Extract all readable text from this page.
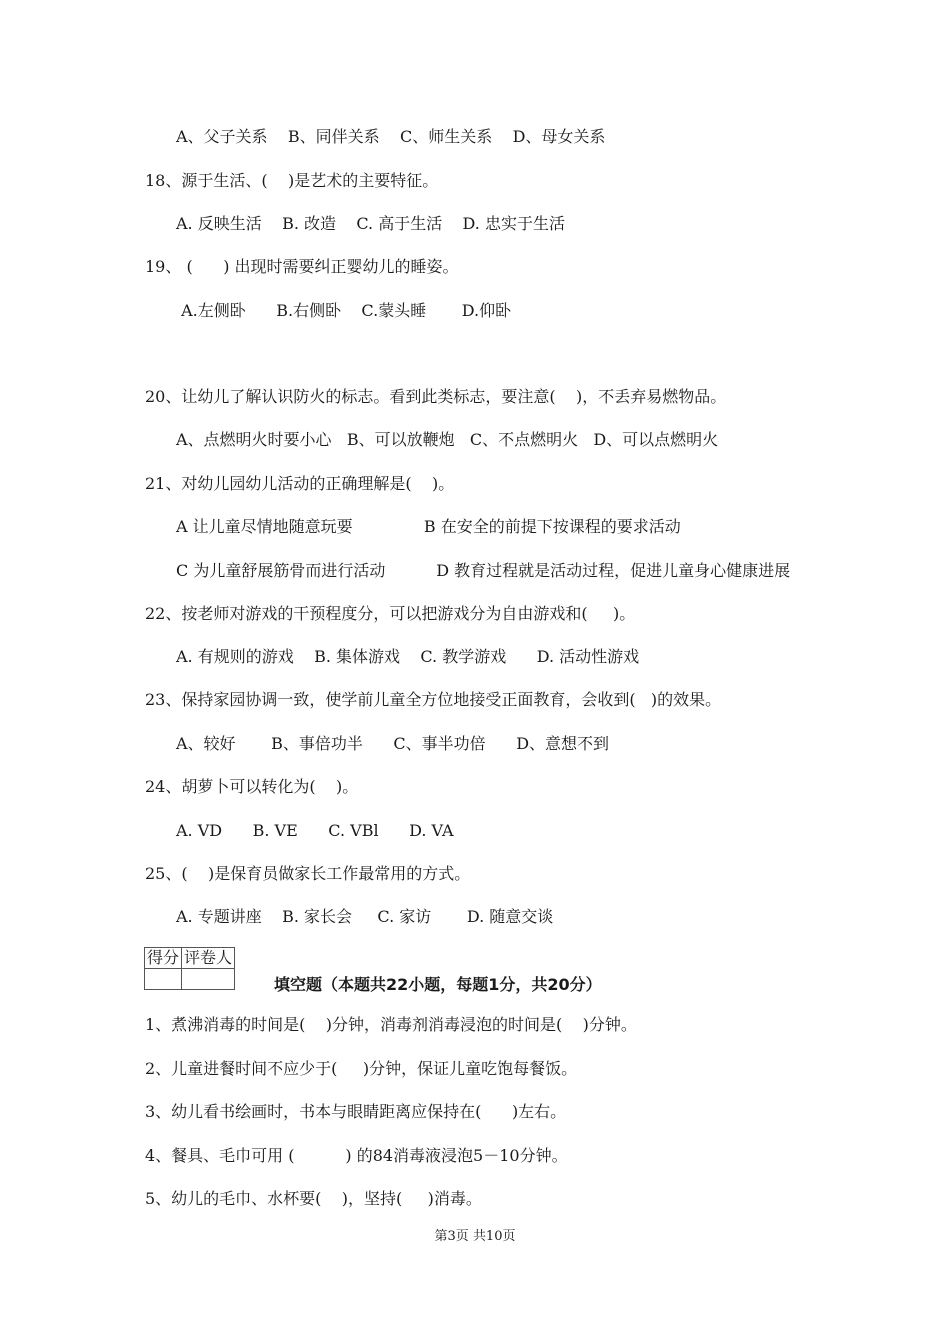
A、父子关系    B、同伴关系    C、师生关系    D、母女关系
18、源于生活、(    )是艺术的主要特征。
A. 反映生活    B. 改造    C. 高于生活    D. 忠实于生活
19、 (      ) 出现时需要纠正婴幼儿的睡姿。
A.左侧卧      B.右侧卧    C.蒙头睡       D.仰卧
20、让幼儿了解认识防火的标志。看到此类标志，要注意(    )，不丢弃易燃物品。
A、点燃明火时要小心   B、可以放鞭炮   C、不点燃明火   D、可以点燃明火
21、对幼儿园幼儿活动的正确理解是(    )。
A 让儿童尽情地随意玩要              B 在安全的前提下按课程的要求活动
C 为儿童舒展筋骨而进行活动          D 教育过程就是活动过程，促进儿童身心健康进展
22、按老师对游戏的干预程度分，可以把游戏分为自由游戏和(     )。
A. 有规则的游戏    B. 集体游戏    C. 教学游戏      D. 活动性游戏
23、保持家园协调一致，使学前儿童全方位地接受正面教育，会收到(   )的效果。
A、较好       B、事倍功半      C、事半功倍      D、意想不到
24、胡萝卜可以转化为(    )。
A. VD      B. VE      C. VBl      D. VA
25、(    )是保育员做家长工作最常用的方式。
A. 专题讲座    B. 家长会     C. 家访       D. 随意交谈
得分	评卷人

填空题（本题共22小题，每题1分，共20分）
1、煮沸消毒的时间是(    )分钟，消毒剂消毒浸泡的时间是(    )分钟。
2、儿童进餐时间不应少于(     )分钟，保证儿童吃饱每餐饭。
3、幼儿看书绘画时，书本与眼睛距离应保持在(      )左右。
4、餐具、毛巾可用 (          ) 的84消毒液浸泡5－10分钟。
5、幼儿的毛巾、水杯要(    )，坚持(     )消毒。
第3页 共10页
